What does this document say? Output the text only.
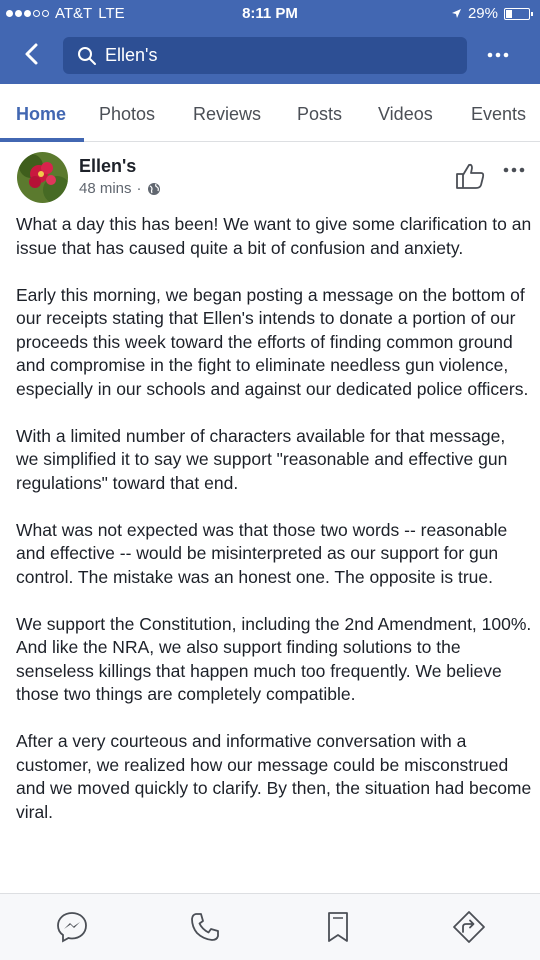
AT&T LTE	8:11 PM	29%
Ellen's
Home Photos Reviews Posts Videos Events
Ellen's
48 mins ·

What a day this has been! We want to give some clarification to an issue that has caused quite a bit of confusion and anxiety.

Early this morning, we began posting a message on the bottom of our receipts stating that Ellen's intends to donate a portion of our proceeds this week toward the efforts of finding common ground and compromise in the fight to eliminate needless gun violence, especially in our schools and against our dedicated police officers.

With a limited number of characters available for that message, we simplified it to say we support "reasonable and effective gun regulations" toward that end.

What was not expected was that those two words -- reasonable and effective -- would be misinterpreted as our support for gun control. The mistake was an honest one. The opposite is true.

We support the Constitution, including the 2nd Amendment, 100%. And like the NRA, we also support finding solutions to the senseless killings that happen much too frequently. We believe those two things are completely compatible.

After a very courteous and informative conversation with a customer, we realized how our message could be misconstrued and we moved quickly to clarify. By then, the situation had become viral.
